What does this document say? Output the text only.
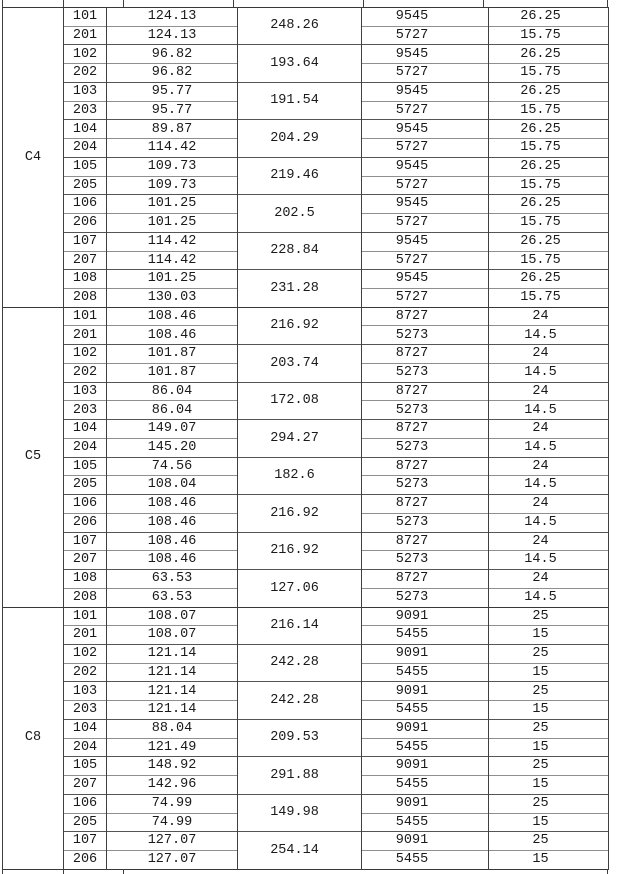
C4	101	124.13	248.26	9545	26.25
	201	124.13		5727	15.75
	102	96.82	193.64	9545	26.25
	202	96.82		5727	15.75
	103	95.77	191.54	9545	26.25
	203	95.77		5727	15.75
	104	89.87	204.29	9545	26.25
	204	114.42		5727	15.75
	105	109.73	219.46	9545	26.25
	205	109.73		5727	15.75
	106	101.25	202.5	9545	26.25
	206	101.25		5727	15.75
	107	114.42	228.84	9545	26.25
	207	114.42		5727	15.75
	108	101.25	231.28	9545	26.25
	208	130.03		5727	15.75
C5	101	108.46	216.92	8727	24
	201	108.46		5273	14.5
	102	101.87	203.74	8727	24
	202	101.87		5273	14.5
	103	86.04	172.08	8727	24
	203	86.04		5273	14.5
	104	149.07	294.27	8727	24
	204	145.20		5273	14.5
	105	74.56	182.6	8727	24
	205	108.04		5273	14.5
	106	108.46	216.92	8727	24
	206	108.46		5273	14.5
	107	108.46	216.92	8727	24
	207	108.46		5273	14.5
	108	63.53	127.06	8727	24
	208	63.53		5273	14.5
C8	101	108.07	216.14	9091	25
	201	108.07		5455	15
	102	121.14	242.28	9091	25
	202	121.14		5455	15
	103	121.14	242.28	9091	25
	203	121.14		5455	15
	104	88.04	209.53	9091	25
	204	121.49		5455	15
	105	148.92	291.88	9091	25
	207	142.96		5455	15
	106	74.99	149.98	9091	25
	205	74.99		5455	15
	107	127.07	254.14	9091	25
	206	127.07		5455	15
